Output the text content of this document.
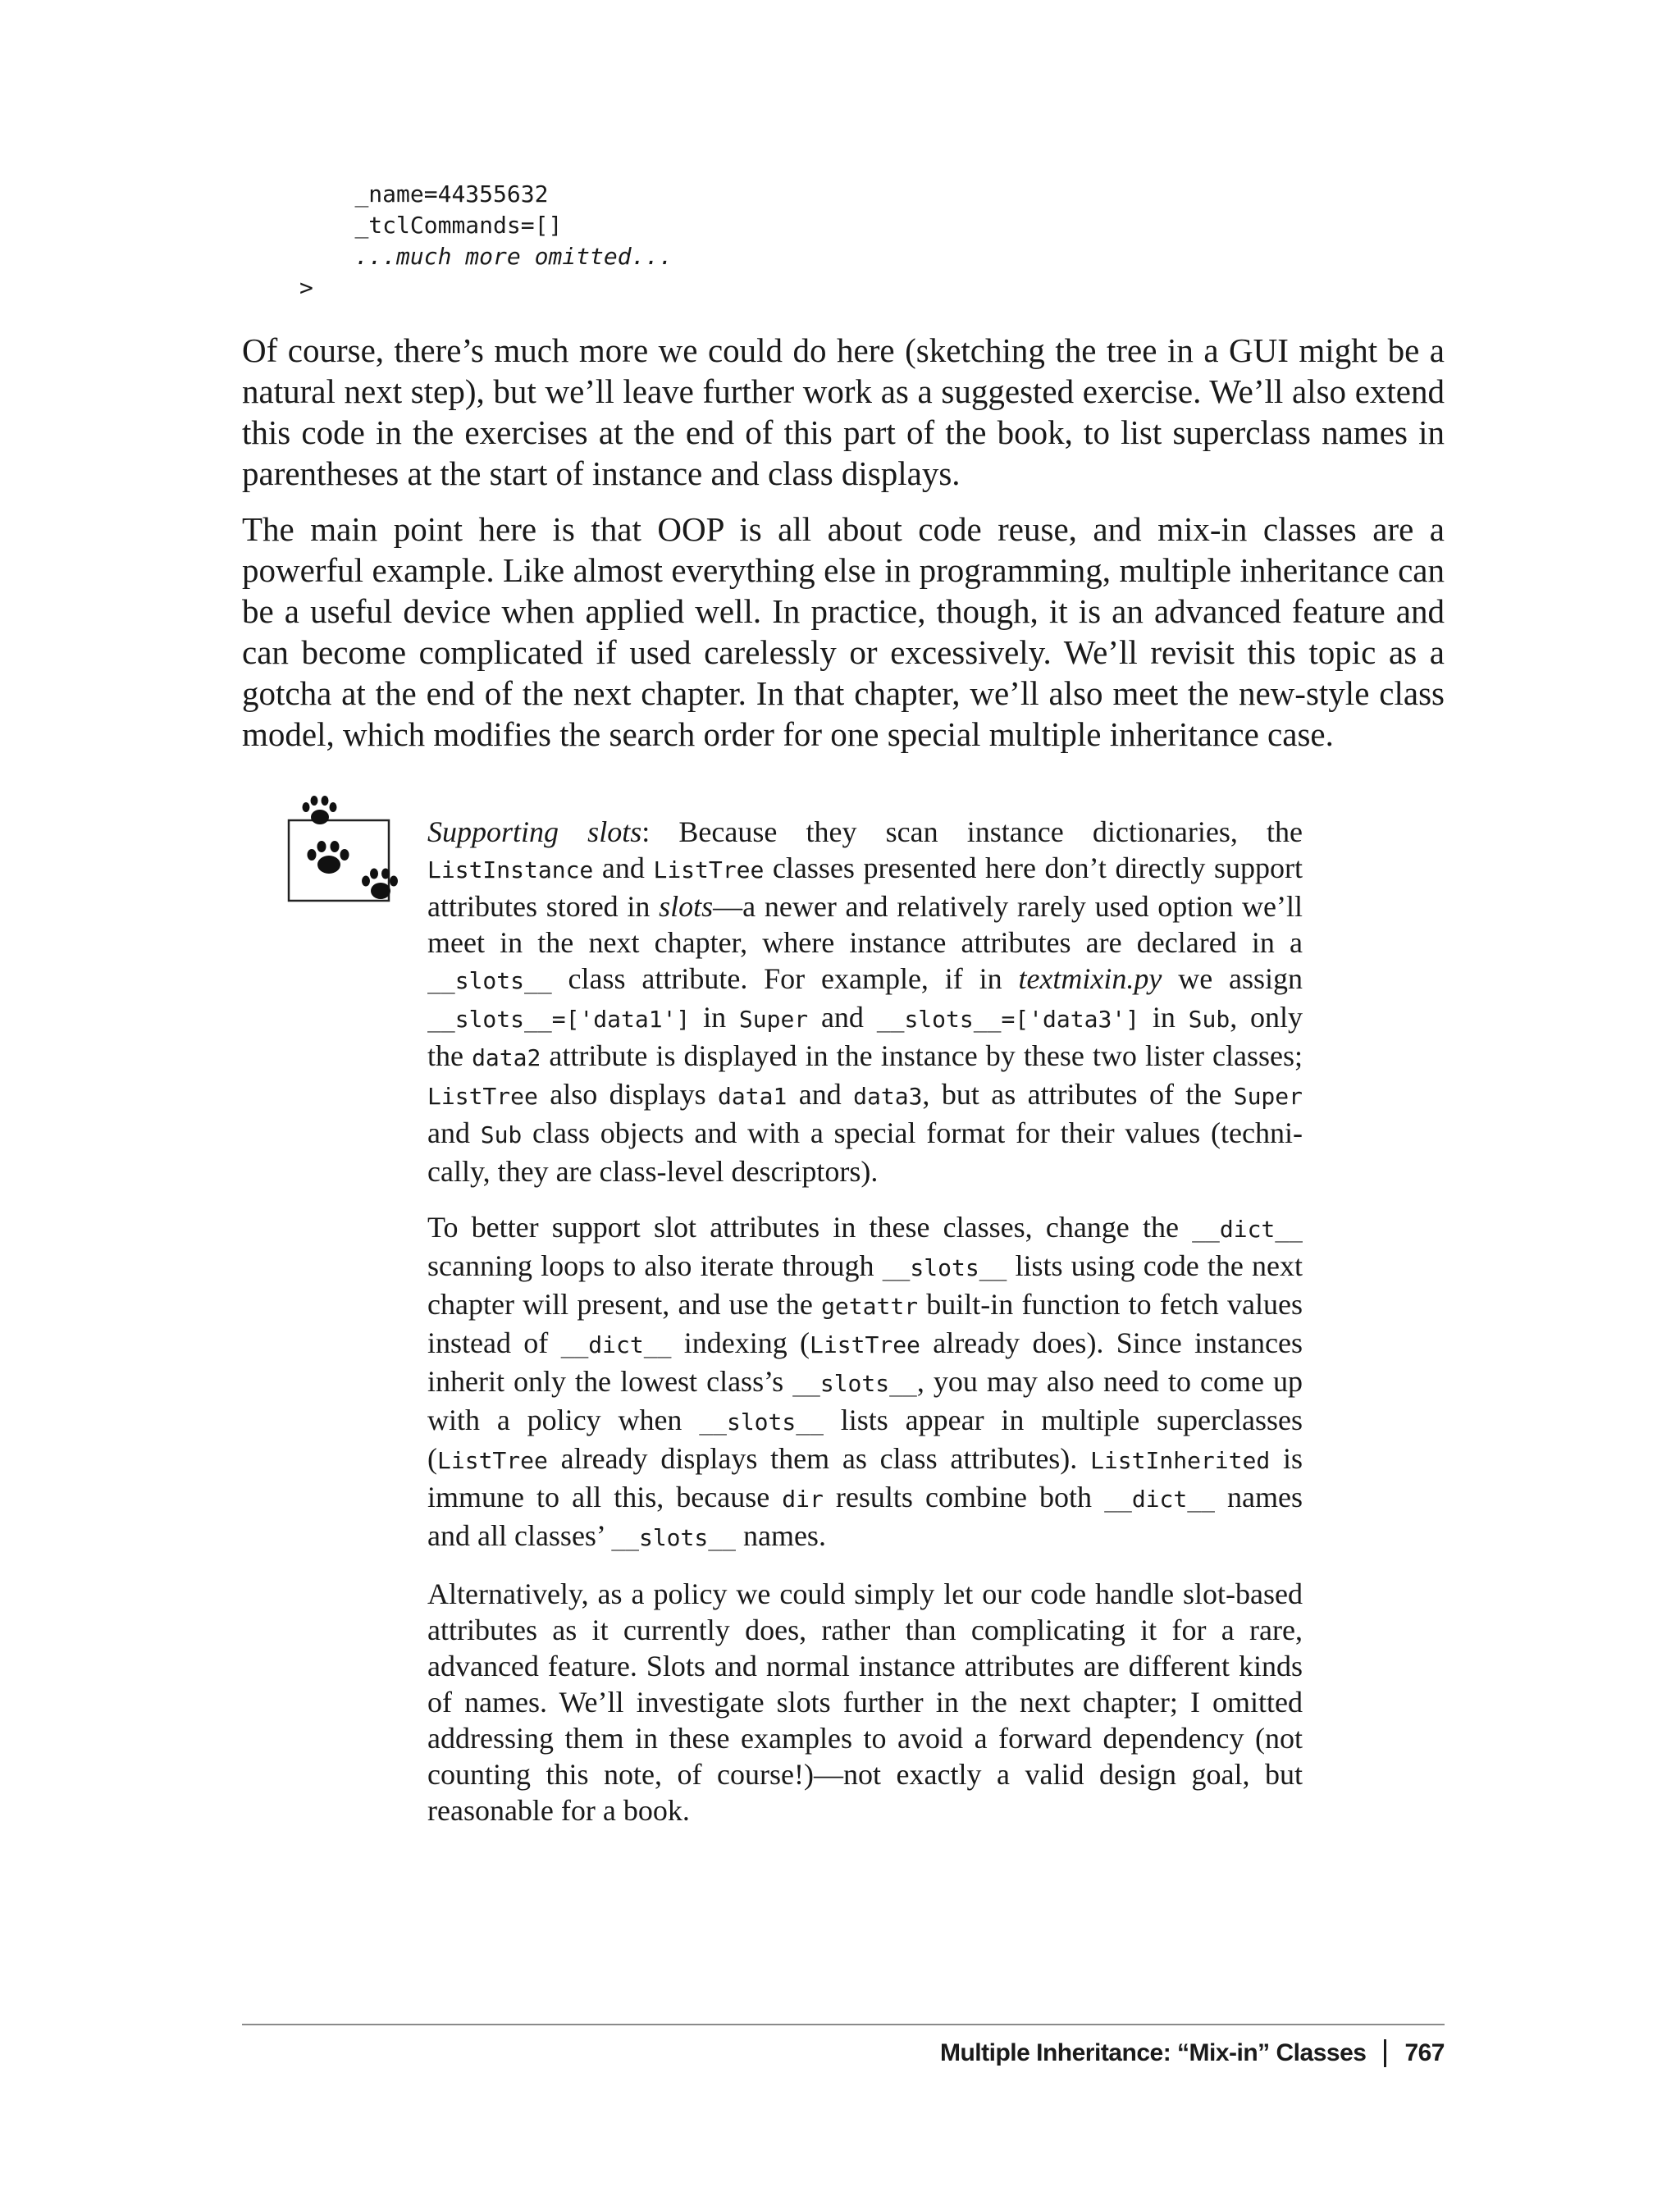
_name=44355632
_tclCommands=[]
...much more omitted...
>

Of course, there’s much more we could do here (sketching the tree in a GUI might be a natural next step), but we’ll leave further work as a suggested exercise. We’ll also extend this code in the exercises at the end of this part of the book, to list superclass names in parentheses at the start of instance and class displays.

The main point here is that OOP is all about code reuse, and mix-in classes are a powerful example. Like almost everything else in programming, multiple inheritance can be a useful device when applied well. In practice, though, it is an advanced feature and can become complicated if used carelessly or excessively. We’ll revisit this topic as a gotcha at the end of the next chapter. In that chapter, we’ll also meet the new-style class model, which modifies the search order for one special multiple inheritance case.

Supporting slots: Because they scan instance dictionaries, the ListInstance and ListTree classes presented here don’t directly support attributes stored in slots—a newer and relatively rarely used option we’ll meet in the next chapter, where instance attributes are declared in a __slots__ class attribute. For example, if in textmixin.py we assign __slots__=['data1'] in Super and __slots__=['data3'] in Sub, only the data2 attribute is displayed in the instance by these two lister classes; ListTree also displays data1 and data3, but as attributes of the Super and Sub class objects and with a special format for their values (technically, they are class-level descriptors).

To better support slot attributes in these classes, change the __dict__ scanning loops to also iterate through __slots__ lists using code the next chapter will present, and use the getattr built-in function to fetch values instead of __dict__ indexing (ListTree already does). Since instances inherit only the lowest class’s __slots__, you may also need to come up with a policy when __slots__ lists appear in multiple superclasses (ListTree already displays them as class attributes). ListInherited is immune to all this, because dir results combine both __dict__ names and all classes’ __slots__ names.

Alternatively, as a policy we could simply let our code handle slot-based attributes as it currently does, rather than complicating it for a rare, advanced feature. Slots and normal instance attributes are different kinds of names. We’ll investigate slots further in the next chapter; I omitted addressing them in these examples to avoid a forward dependency (not counting this note, of course!)—not exactly a valid design goal, but reasonable for a book.

Multiple Inheritance: “Mix-in” Classes 767
